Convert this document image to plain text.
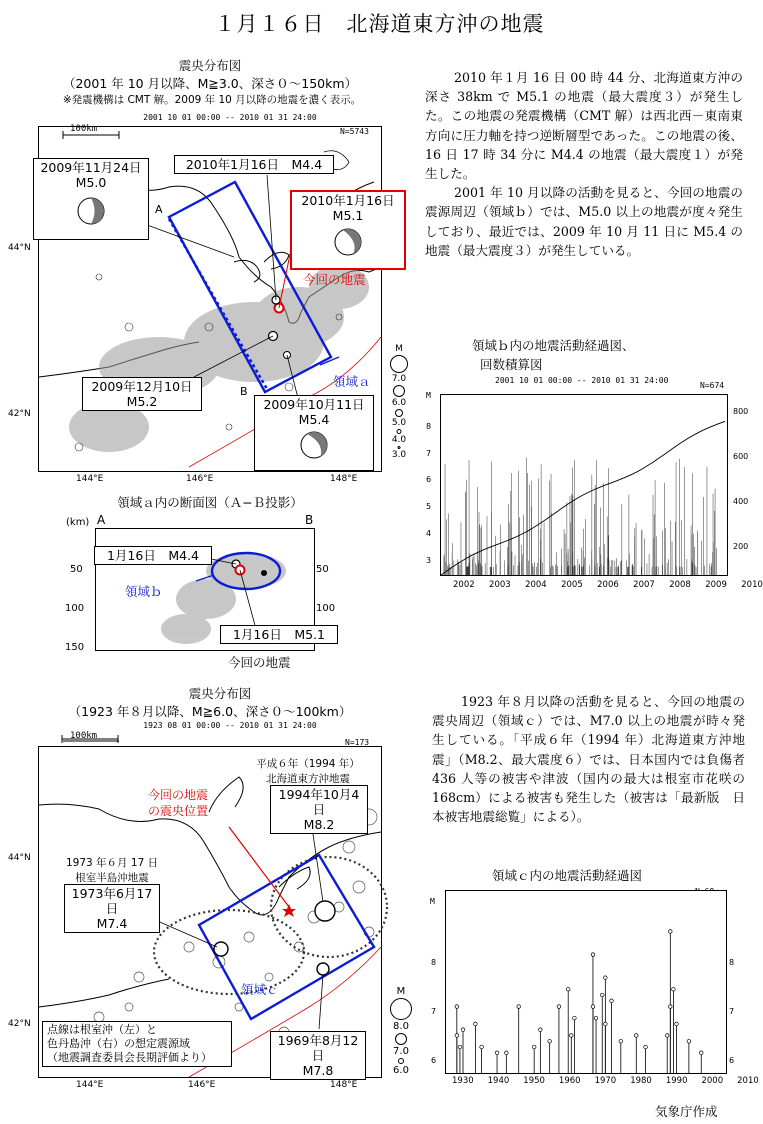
１月１６日　北海道東方沖の地震
震央分布図
（2001 年 10 月以降、M≧3.0、深さ０～150km）
※発震機構は CMT 解。2009 年 10 月以降の地震を濃く表示。
2001 10 01 00:00 -- 2010 01 31 24:00
100km	N=5743
44°N
42°N
144°E	146°E	148°E
A
B
2009年11月24日
M5.0
2010年1月16日　M4.4
2010年1月16日
M5.1
今回の地震
2009年12月10日
M5.2	2009年10月11日
M5.4
領域ａ
M
7.0
6.0
5.0
4.0
3.0
領域ａ内の断面図（Ａ−Ｂ投影）
(km) A	B
50
100
150
50
100
1月16日　M4.4
1月16日　M5.1
領域ｂ
今回の地震

2010 年１月 16 日 00 時 44 分、北海道東方沖の深さ 38km で M5.1 の地震（最大震度３）が発生した。この地震の発震機構（CMT 解）は西北西－東南東方向に圧力軸を持つ逆断層型であった。この地震の後、16 日 17 時 34 分に M4.4 の地震（最大震度１）が発生した。

2001 年 10 月以降の活動を見ると、今回の地震の震源周辺（領域ｂ）では、M5.0 以上の地震が度々発生しており、最近では、2009 年 10 月 11 日に M5.4 の地震（最大震度３）が発生している。

領域ｂ内の地震活動経過図、
回数積算図
2001 10 01 00:00 -- 2010 01 31 24:00
N=674
M
8
7
6
5
4
3
800
600
400
200
2002 2003 2004 2005 2006 2007 2008 2009 2010
震央分布図
（1923 年８月以降、M≧6.0、深さ０～100km）
1923 08 01 00:00 -- 2010 01 31 24:00
100km
N=173
44°N
42°N
144°E	146°E	148°E
平成６年（1994 年）
北海道東方沖地震
1994年10月4日
M8.2
今回の地震
の震央位置
1973 年６月 17 日
根室半島沖地震
1973年6月17日
M7.4
領域ｃ
1969年8月12日
M7.8
点線は根室沖（左）と
色丹島沖（右）の想定震源域
（地震調査委員会長期評価より）
M
8.0
7.0
6.0

1923 年８月以降の活動を見ると、今回の地震の震央周辺（領域ｃ）では、M7.0 以上の地震が時々発生している。「平成６年（1994 年）北海道東方沖地震」（M8.2、最大震度６）では、日本国内では負傷者 436 人等の被害や津波（国内の最大は根室市花咲の 168cm）による被害も発生した（被害は「最新版　日本被害地震総覧」による）。

領域ｃ内の地震活動経過図
M
8
7
6
8
7
6
1930 1940 1950 1960 1970 1980 1990 2000 2010
気象庁作成
